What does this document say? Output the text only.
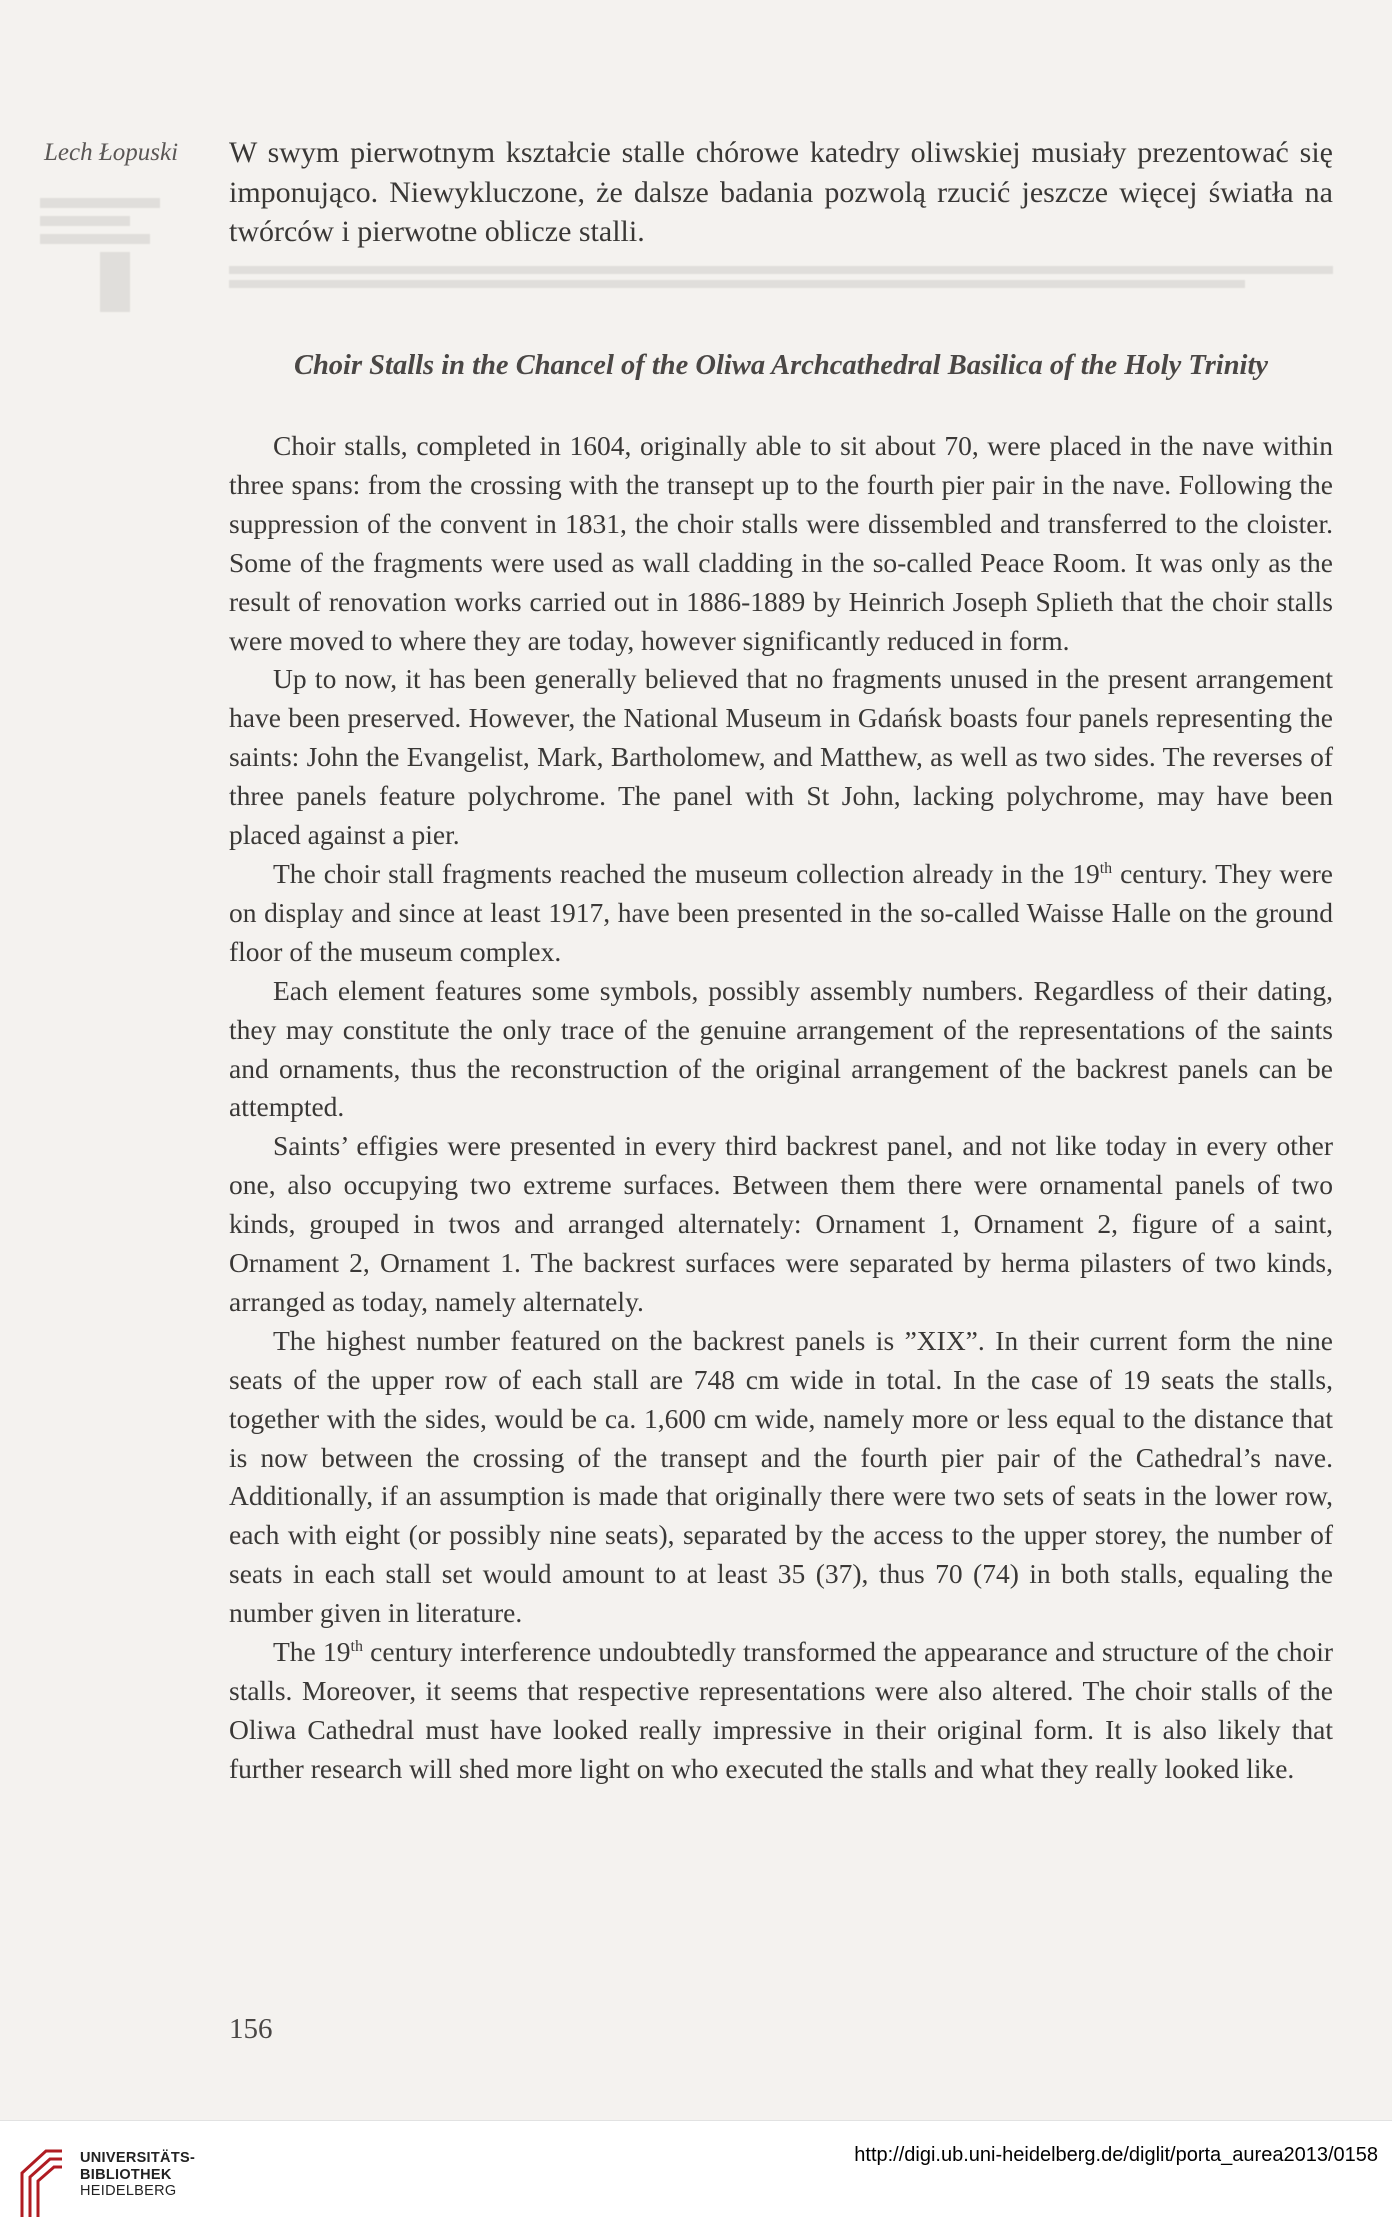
Lech Łopuski W swym pierwotnym kształcie stalle chórowe katedry oliwskiej musiały prezentować się imponująco. Niewykluczone, że dalsze badania pozwolą rzucić jeszcze więcej światła na twórców i pierwotne oblicze stalli.

Choir Stalls in the Chancel of the Oliwa Archcathedral Basilica of the Holy Trinity

Choir stalls, completed in 1604, originally able to sit about 70, were placed in the nave within three spans: from the crossing with the transept up to the fourth pier pair in the nave. Following the suppression of the convent in 1831, the choir stalls were dissembled and transferred to the cloister. Some of the fragments were used as wall cladding in the so-called Peace Room. It was only as the result of renovation works carried out in 1886-1889 by Heinrich Joseph Splieth that the choir stalls were moved to where they are today, however significantly reduced in form.

Up to now, it has been generally believed that no fragments unused in the present arrangement have been preserved. However, the National Museum in Gdańsk boasts four panels representing the saints: John the Evangelist, Mark, Bartholomew, and Matthew, as well as two sides. The reverses of three panels feature polychrome. The panel with St John, lacking polychrome, may have been placed against a pier.

The choir stall fragments reached the museum collection already in the 19th century. They were on display and since at least 1917, have been presented in the so-called Waisse Halle on the ground floor of the museum complex.

Each element features some symbols, possibly assembly numbers. Regardless of their dating, they may constitute the only trace of the genuine arrangement of the representations of the saints and ornaments, thus the reconstruction of the original arrangement of the backrest panels can be attempted.

Saints’ effigies were presented in every third backrest panel, and not like today in every other one, also occupying two extreme surfaces. Between them there were ornamental panels of two kinds, grouped in twos and arranged alternately: Ornament 1, Ornament 2, figure of a saint, Ornament 2, Ornament 1. The backrest surfaces were separated by herma pilasters of two kinds, arranged as today, namely alternately.

The highest number featured on the backrest panels is ”XIX”. In their current form the nine seats of the upper row of each stall are 748 cm wide in total. In the case of 19 seats the stalls, together with the sides, would be ca. 1,600 cm wide, namely more or less equal to the distance that is now between the crossing of the transept and the fourth pier pair of the Cathedral’s nave. Additionally, if an assumption is made that originally there were two sets of seats in the lower row, each with eight (or possibly nine seats), separated by the access to the upper storey, the number of seats in each stall set would amount to at least 35 (37), thus 70 (74) in both stalls, equaling the number given in literature.

The 19th century interference undoubtedly transformed the appearance and structure of the choir stalls. Moreover, it seems that respective representations were also altered. The choir stalls of the Oliwa Cathedral must have looked really impressive in their original form. It is also likely that further research will shed more light on who executed the stalls and what they really looked like.

156
UNIVERSITÄTS-
BIBLIOTHEK
HEIDELBERG
http://digi.ub.uni-heidelberg.de/diglit/porta_aurea2013/0158
